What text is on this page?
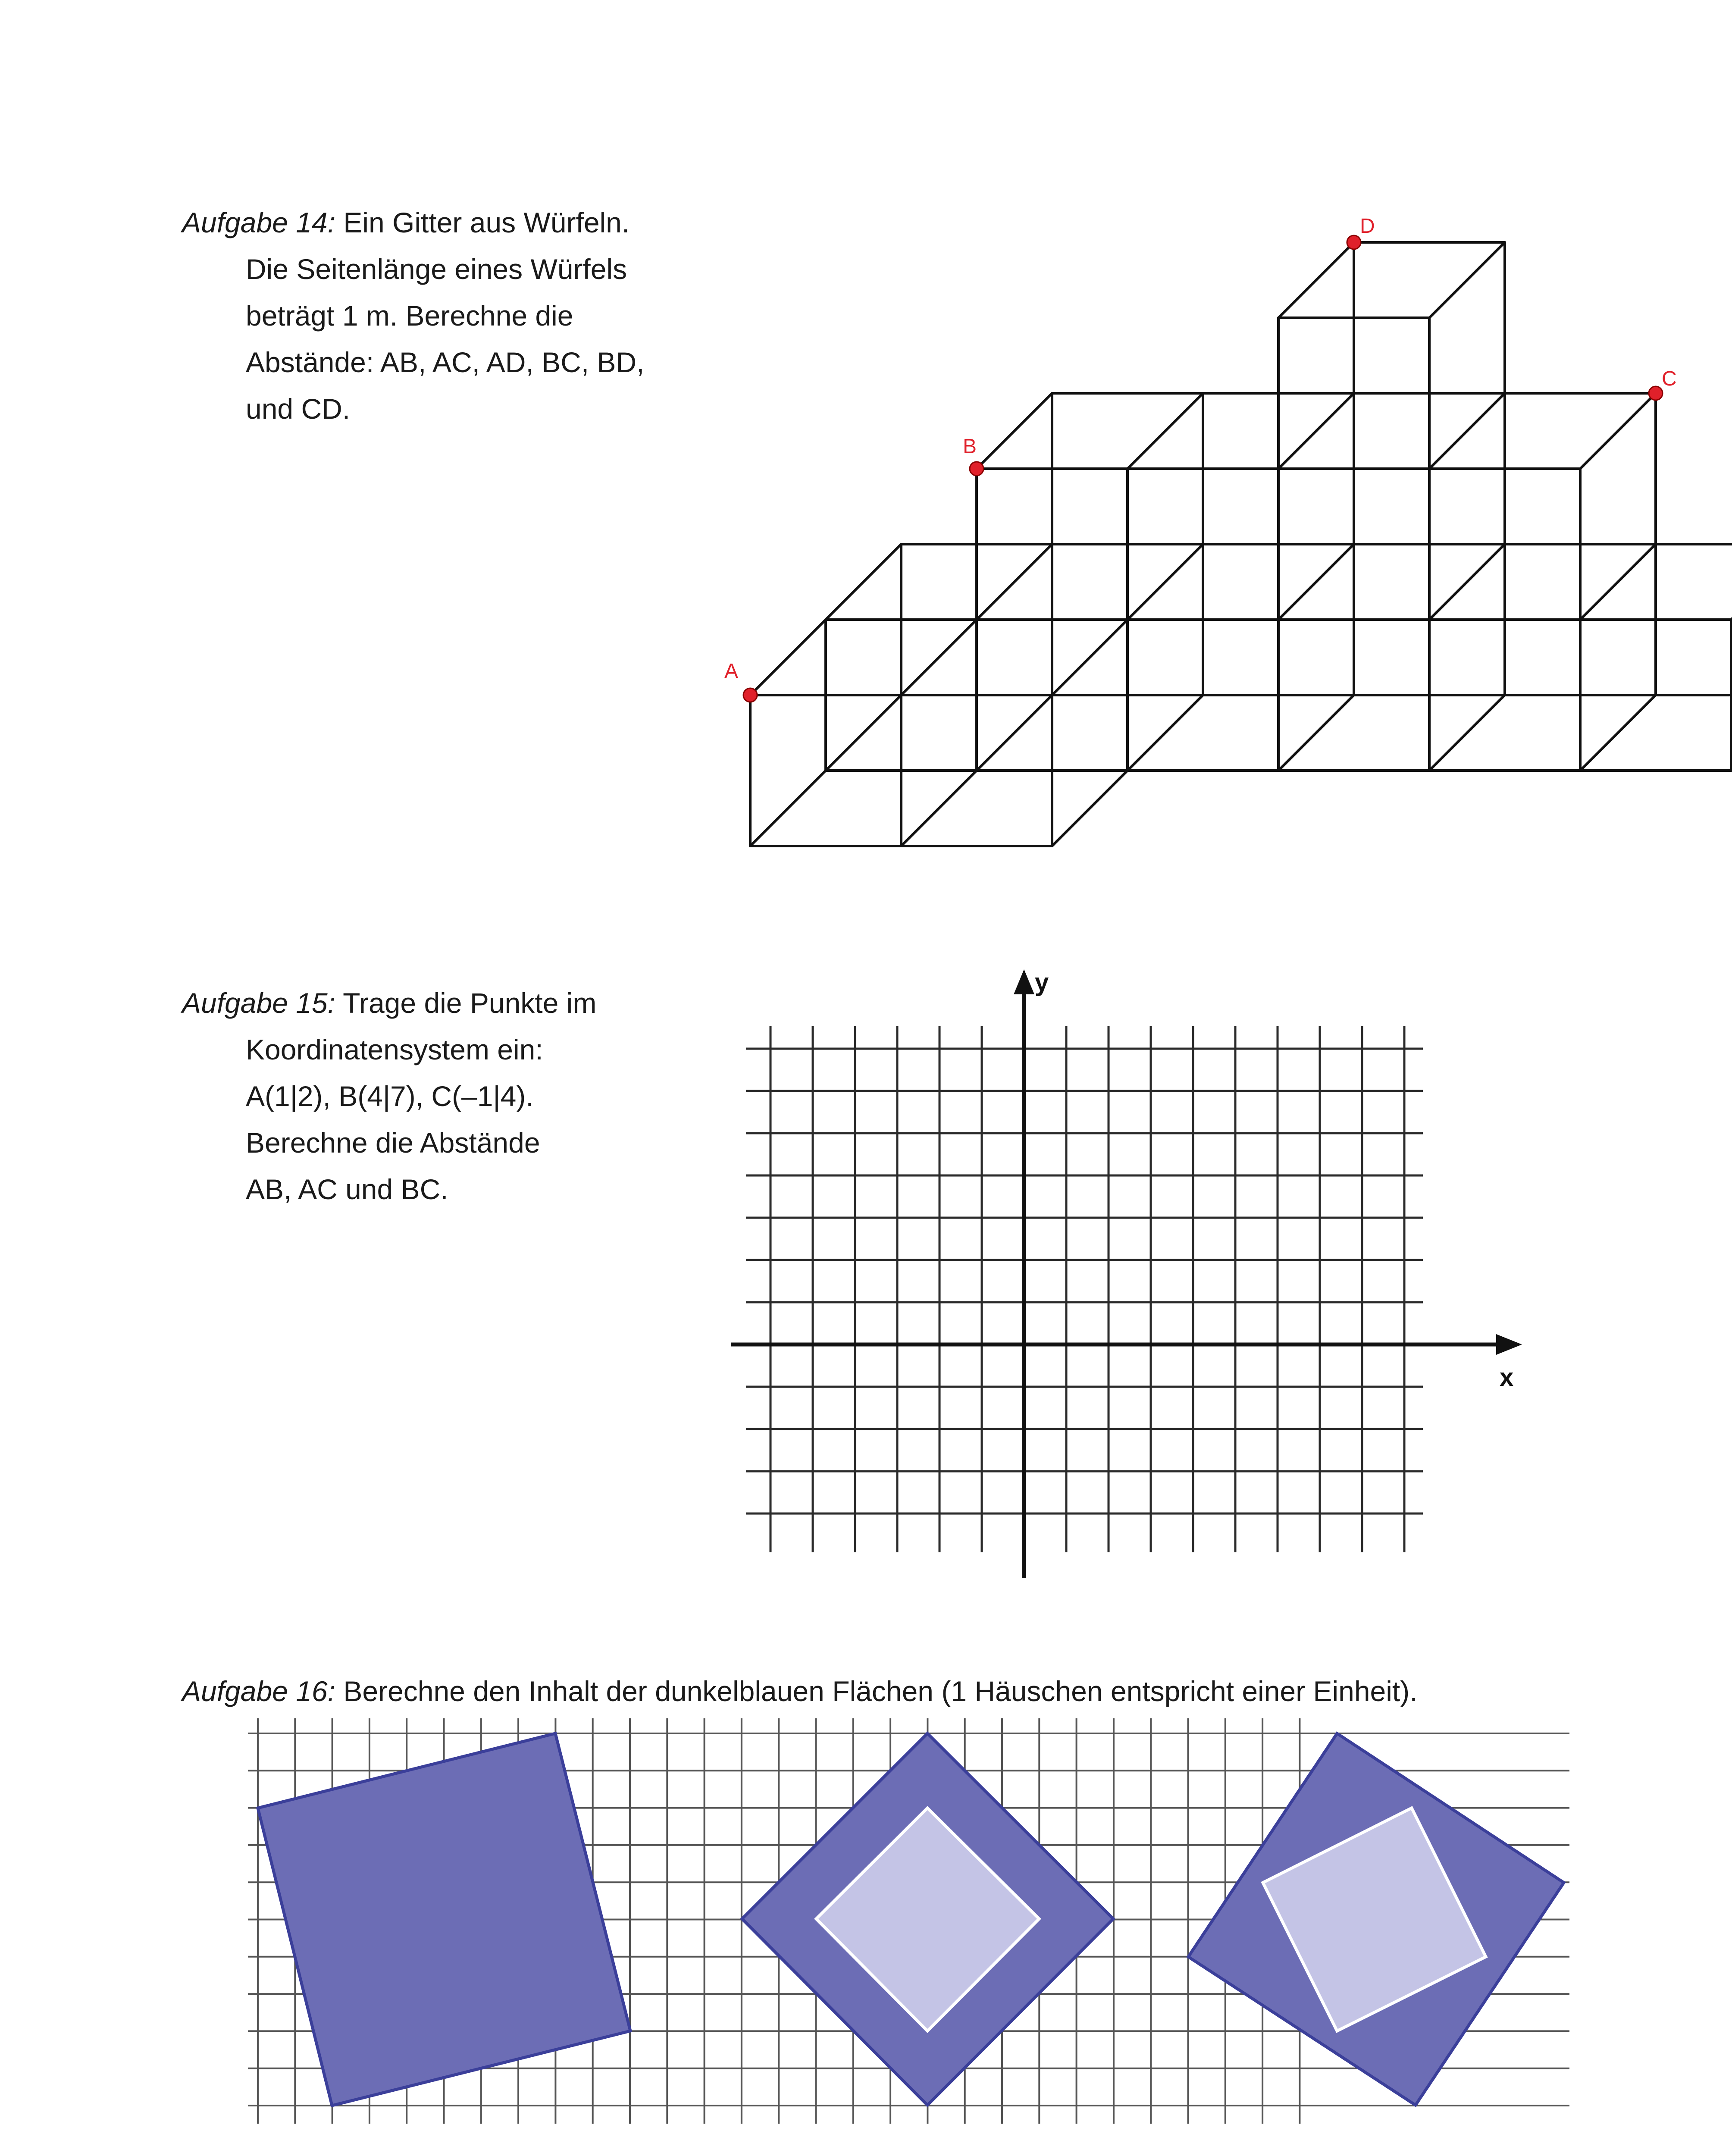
Aufgabe 14: Ein Gitter aus Würfeln.
Die Seitenlänge eines Würfels
beträgt 1 m. Berechne die
Abstände: AB, AC, AD, BC, BD,
und CD.
Aufgabe 15: Trage die Punkte im
Koordinatensystem ein:
A(1|2), B(4|7), C(–1|4).
Berechne die Abstände
AB, AC und BC.
Aufgabe 16: Berechne den Inhalt der dunkelblauen Flächen (1 Häuschen entspricht einer Einheit).
A
B
C
D
x
y
